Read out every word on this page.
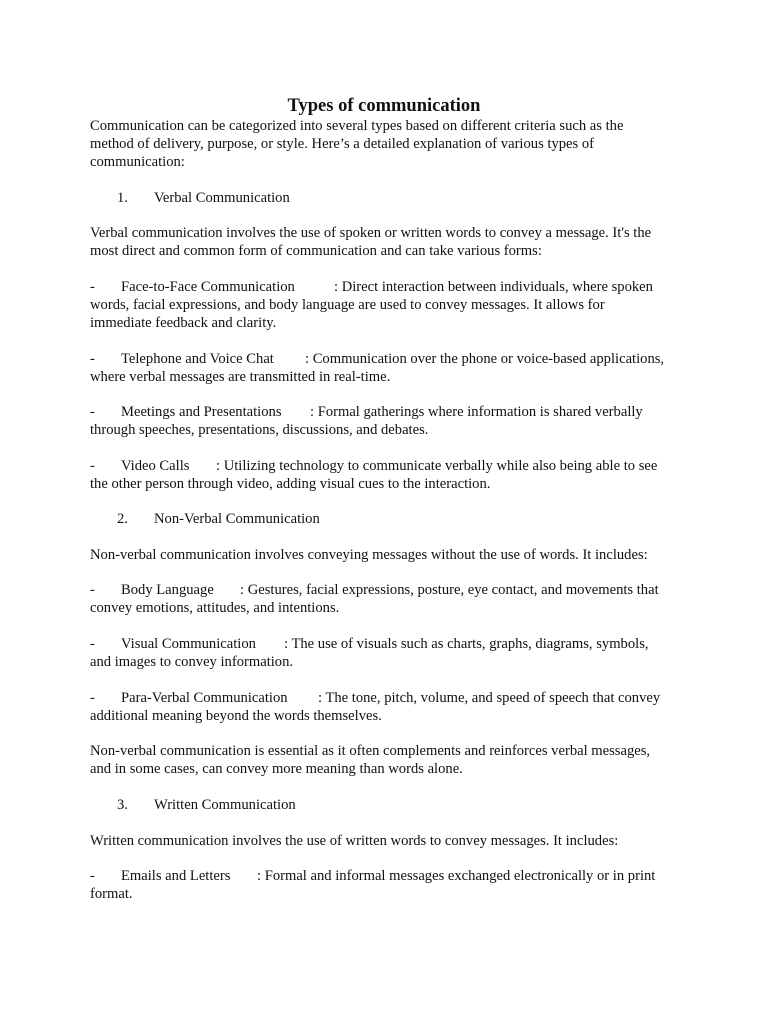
Types of communication
Communication can be categorized into several types based on different criteria such as the
method of delivery, purpose, or style. Here’s a detailed explanation of various types of
communication:
1. Verbal Communication
Verbal communication involves the use of spoken or written words to convey a message. It's the
most direct and common form of communication and can take various forms:
- Face-to-Face Communication	: Direct interaction between individuals, where spoken
words, facial expressions, and body language are used to convey messages. It allows for
immediate feedback and clarity.
- Telephone and Voice Chat : Communication over the phone or voice-based applications,
where verbal messages are transmitted in real-time.
- Meetings and Presentations : Formal gatherings where information is shared verbally
through speeches, presentations, discussions, and debates.
- Video Calls : Utilizing technology to communicate verbally while also being able to see
the other person through video, adding visual cues to the interaction.
2. Non-Verbal Communication
Non-verbal communication involves conveying messages without the use of words. It includes:
- Body Language : Gestures, facial expressions, posture, eye contact, and movements that
convey emotions, attitudes, and intentions.
- Visual Communication : The use of visuals such as charts, graphs, diagrams, symbols,
and images to convey information.
- Para-Verbal Communication : The tone, pitch, volume, and speed of speech that convey
additional meaning beyond the words themselves.
Non-verbal communication is essential as it often complements and reinforces verbal messages,
and in some cases, can convey more meaning than words alone.
3. Written Communication
Written communication involves the use of written words to convey messages. It includes:
- Emails and Letters : Formal and informal messages exchanged electronically or in print
format.
